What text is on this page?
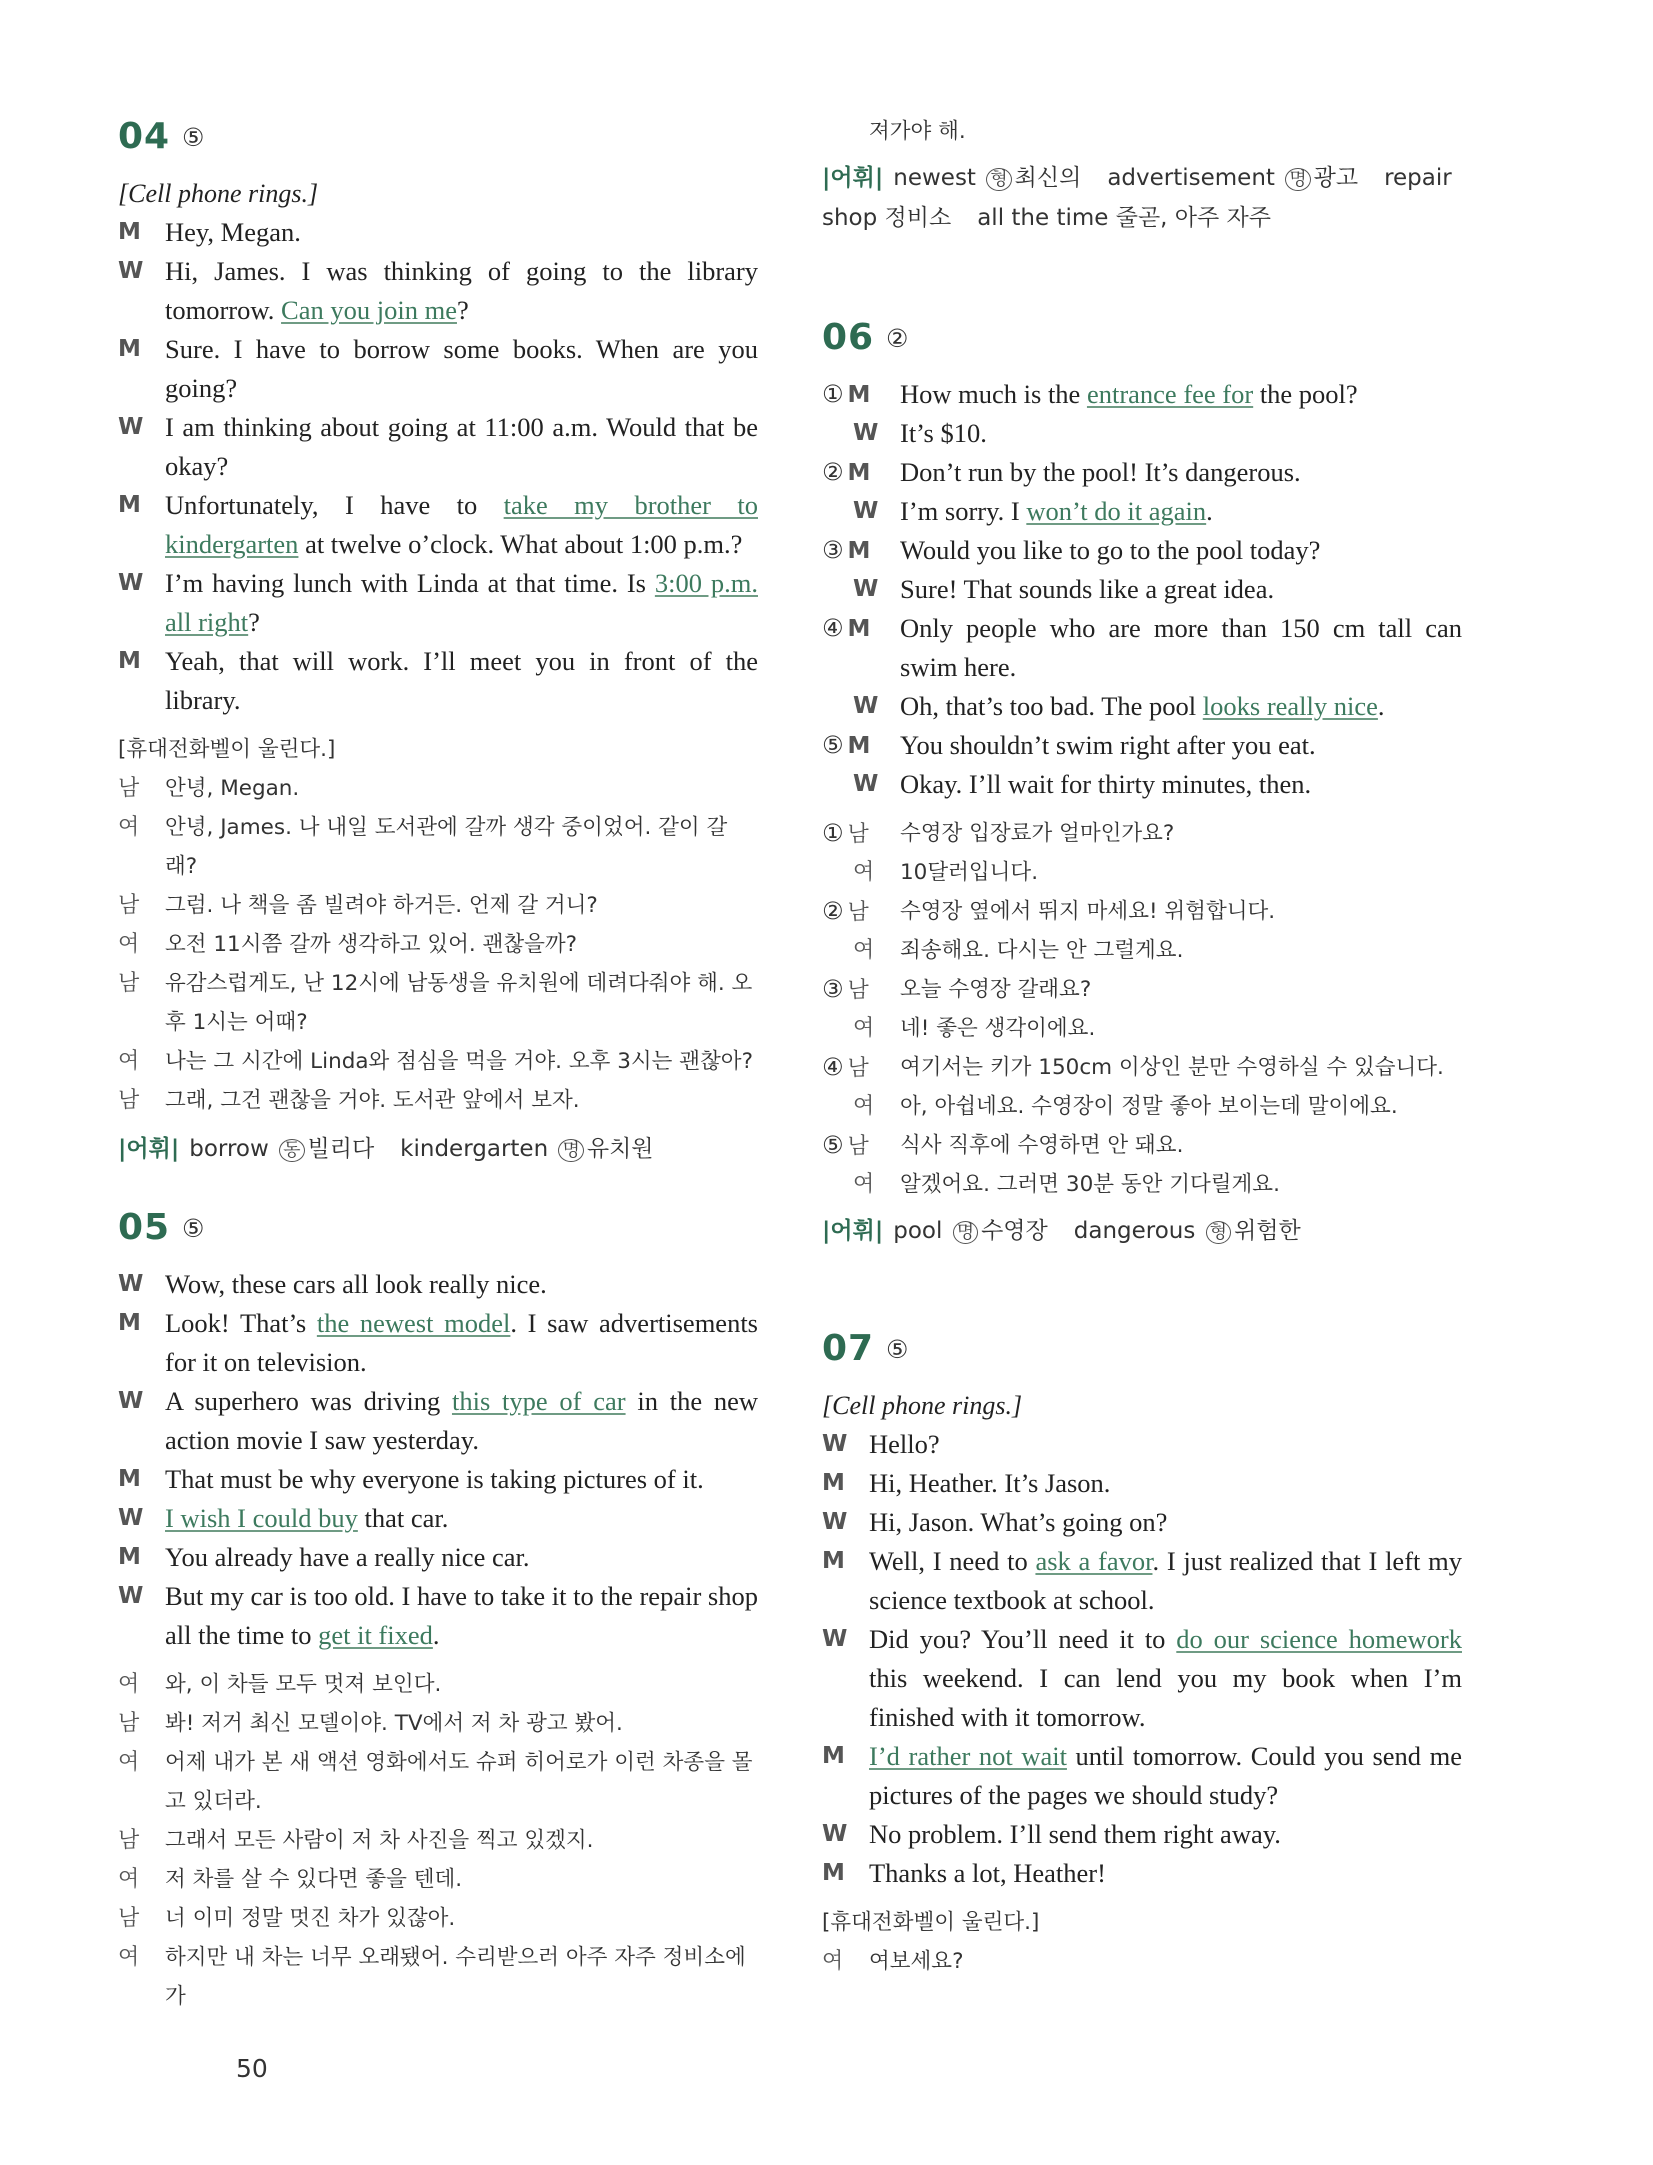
04 ⑤
[Cell phone rings.]
M Hey, Megan.
W Hi, James. I was thinking of going to the library tomorrow. Can you join me?
M Sure. I have to borrow some books. When are you going?
W I am thinking about going at 11:00 a.m. Would that be okay?
M Unfortunately, I have to take my brother to kindergarten at twelve o’clock. What about 1:00 p.m.?
W I’m having lunch with Linda at that time. Is 3:00 p.m. all right?
M Yeah, that will work. I’ll meet you in front of the library.
[휴대전화벨이 울린다.]
남 안녕, Megan.
여 안녕, James. 나 내일 도서관에 갈까 생각 중이었어. 같이 갈래?
남 그럼. 나 책을 좀 빌려야 하거든. 언제 갈 거니?
여 오전 11시쯤 갈까 생각하고 있어. 괜찮을까?
남 유감스럽게도, 난 12시에 남동생을 유치원에 데려다줘야 해. 오후 1시는 어때?
여 나는 그 시간에 Linda와 점심을 먹을 거야. 오후 3시는 괜찮아?
남 그래, 그건 괜찮을 거야. 도서관 앞에서 보자.
|어휘| borrow 동 빌리다 kindergarten 명 유치원
05 ⑤
W Wow, these cars all look really nice.
M Look! That’s the newest model. I saw advertisements for it on television.
W A superhero was driving this type of car in the new action movie I saw yesterday.
M That must be why everyone is taking pictures of it.
W I wish I could buy that car.
M You already have a really nice car.
W But my car is too old. I have to take it to the repair shop all the time to get it fixed.
여 와, 이 차들 모두 멋져 보인다.
남 봐! 저거 최신 모델이야. TV에서 저 차 광고 봤어.
여 어제 내가 본 새 액션 영화에서도 슈퍼 히어로가 이런 차종을 몰고 있더라.
남 그래서 모든 사람이 저 차 사진을 찍고 있겠지.
여 저 차를 살 수 있다면 좋을 텐데.
남 너 이미 정말 멋진 차가 있잖아.
여 하지만 내 차는 너무 오래됐어. 수리받으러 아주 자주 정비소에 가
50
져가야 해.
|어휘| newest 형 최신의 advertisement 명 광고 repair shop 정비소 all the time 줄곧, 아주 자주
06 ②
① M	How much is the entrance fee for the pool?
W It’s $10.
② M	Don’t run by the pool! It’s dangerous.
W I’m sorry. I won’t do it again.
③ M	Would you like to go to the pool today?
W Sure! That sounds like a great idea.
④ M	Only people who are more than 150 cm tall can swim here.
W Oh, that’s too bad. The pool looks really nice.
⑤ M	You shouldn’t swim right after you eat.
W Okay. I’ll wait for thirty minutes, then.
① 남	수영장 입장료가 얼마인가요?
여 10달러입니다.
② 남	수영장 옆에서 뛰지 마세요! 위험합니다.
여 죄송해요. 다시는 안 그럴게요.
③ 남	오늘 수영장 갈래요?
여 네! 좋은 생각이에요.
④ 남	여기서는 키가 150cm 이상인 분만 수영하실 수 있습니다.
여 아, 아쉽네요. 수영장이 정말 좋아 보이는데 말이에요.
⑤ 남	식사 직후에 수영하면 안 돼요.
여 알겠어요. 그러면 30분 동안 기다릴게요.
|어휘| pool 명 수영장 dangerous 형 위험한
07 ⑤
[Cell phone rings.]
W Hello?
M Hi, Heather. It’s Jason.
W Hi, Jason. What’s going on?
M Well, I need to ask a favor. I just realized that I left my science textbook at school.
W Did you? You’ll need it to do our science homework this weekend. I can lend you my book when I’m finished with it tomorrow.
M I’d rather not wait until tomorrow. Could you send me pictures of the pages we should study?
W No problem. I’ll send them right away.
M Thanks a lot, Heather!
[휴대전화벨이 울린다.]
여 여보세요?
